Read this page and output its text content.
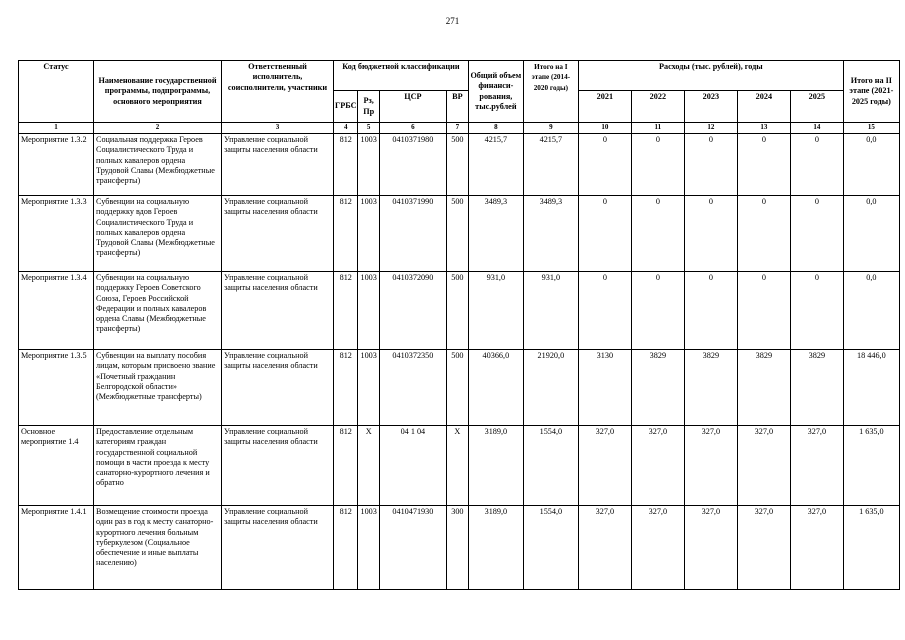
271
Статус	Наименование государственной программы, подпрограммы, основного мероприятия	Ответственный исполнитель, соисполнители, участники	Код бюджетной классификации				Общий объем финанси-рования, тыс.рублей	Итого на I этапе (2014-2020 годы)	Расходы (тыс. рублей), годы					Итого на II этапе (2021-2025 годы)
			ГРБС	Рз, Пр	ЦСР	ВР			2021	2022	2023	2024	2025	
1	2	3	4	5	6	7	8	9	10	11	12	13	14	15
Мероприятие 1.3.2	Социальная поддержка Героев Социалистического Труда и полных кавалеров ордена Трудовой Славы (Межбюджетные трансферты)	Управление социальной защиты населения области	812	1003	0410371980	500	4215,7	4215,7	0	0	0	0	0	0,0
Мероприятие 1.3.3	Субвенции на социальную поддержку вдов Героев Социалистического Труда и полных кавалеров ордена Трудовой Славы (Межбюджетные трансферты)	Управление социальной защиты населения области	812	1003	0410371990	500	3489,3	3489,3	0	0	0	0	0	0,0
Мероприятие 1.3.4	Субвенции на социальную поддержку Героев Советского Союза, Героев Российской Федерации и полных кавалеров ордена Славы (Межбюджетные трансферты)	Управление социальной защиты населения области	812	1003	0410372090	500	931,0	931,0	0	0	0	0	0	0,0
Мероприятие 1.3.5	Субвенции на выплату пособия лицам, которым присвоено звание «Почетный гражданин Белгородской области» (Межбюджетные трансферты)	Управление социальной защиты населения области	812	1003	0410372350	500	40366,0	21920,0	3130	3829	3829	3829	3829	18 446,0
Основное мероприятие 1.4	Предоставление отдельным категориям граждан государственной социальной помощи в части проезда к месту санаторно-курортного лечения и обратно	Управление социальной защиты населения области	812	Х	04 1 04	Х	3189,0	1554,0	327,0	327,0	327,0	327,0	327,0	1 635,0
Мероприятие 1.4.1	Возмещение стоимости проезда один раз в год к месту санаторно-курортного лечения больным туберкулезом (Социальное обеспечение и иные выплаты населению)	Управление социальной защиты населения области	812	1003	0410471930	300	3189,0	1554,0	327,0	327,0	327,0	327,0	327,0	1 635,0
